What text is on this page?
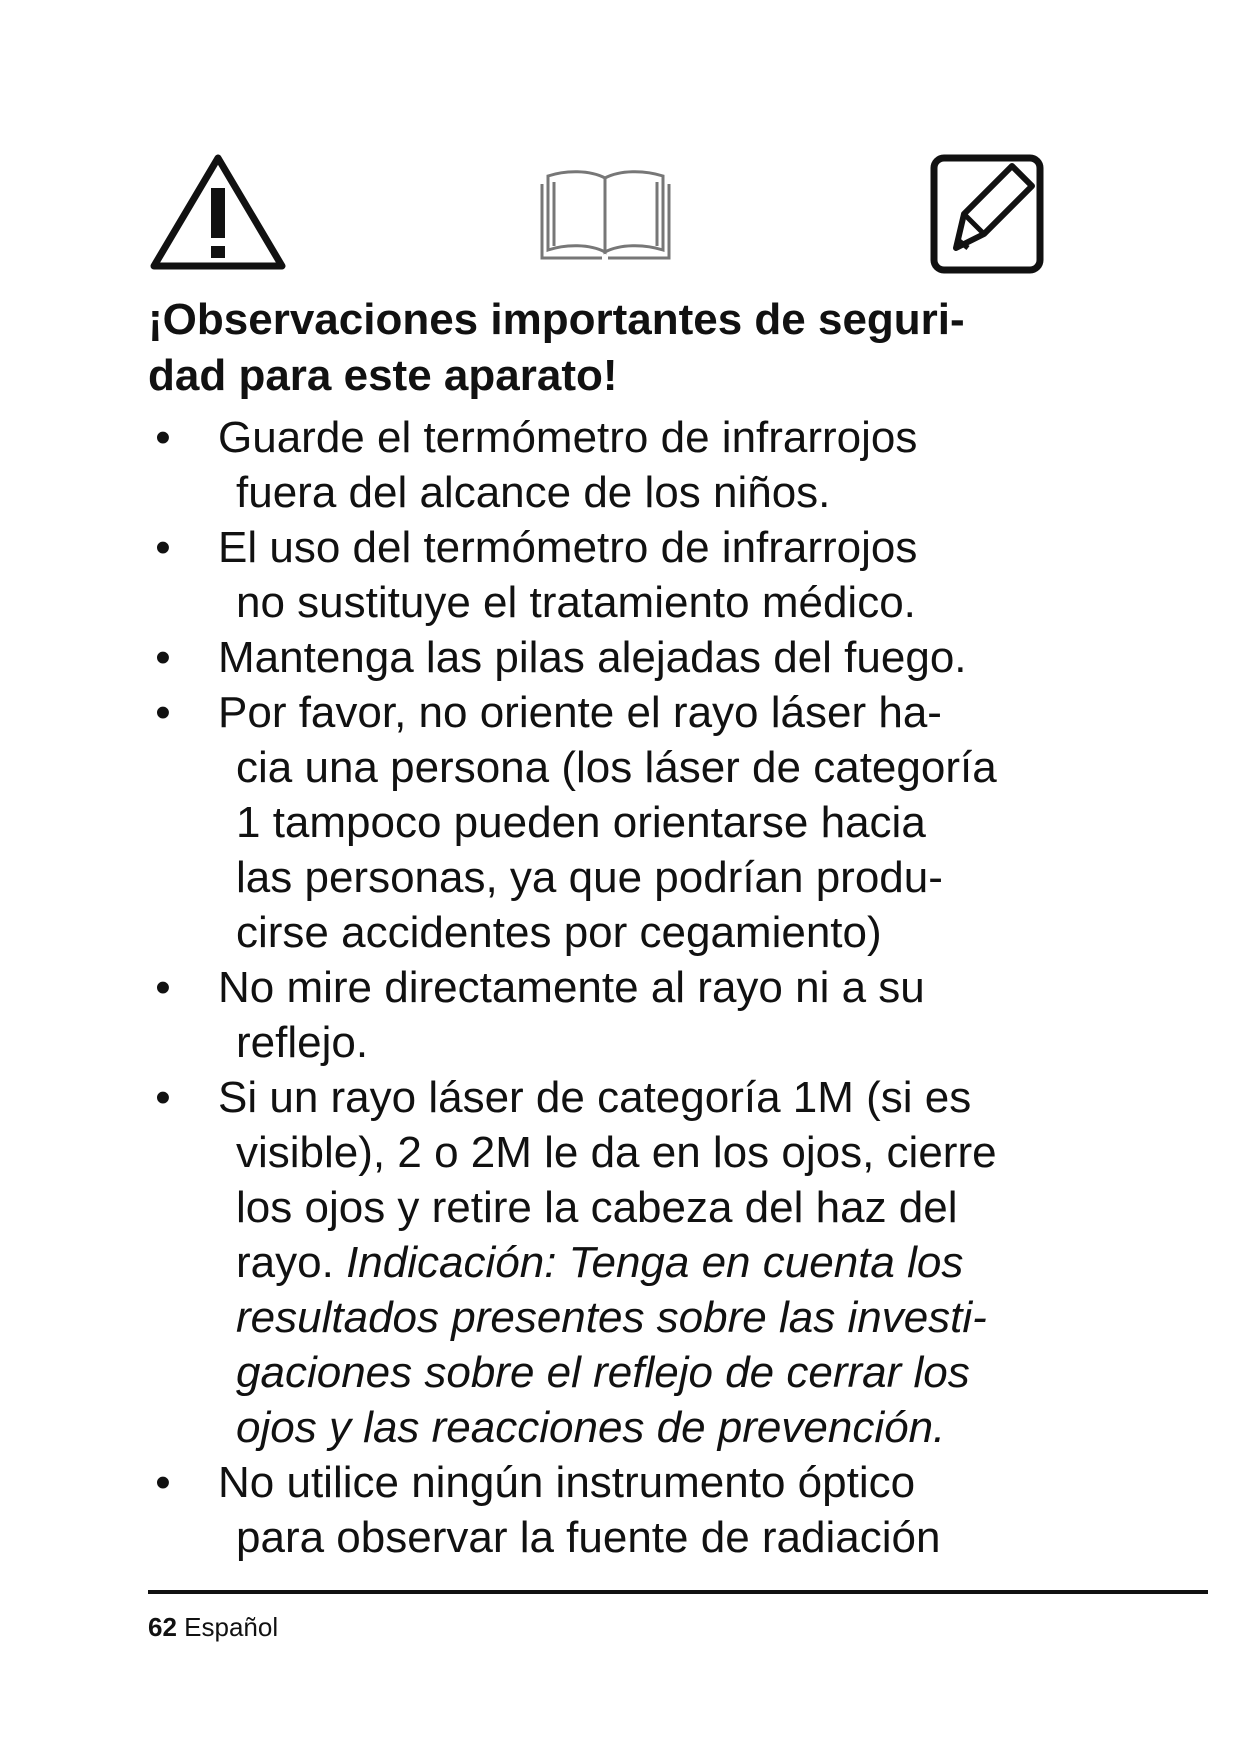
¡Observaciones importantes de seguri-
dad para este aparato!
• Guarde el termómetro de infrarrojos
fuera del alcance de los niños.
• El uso del termómetro de infrarrojos
no sustituye el tratamiento médico.
• Mantenga las pilas alejadas del fuego.
• Por favor, no oriente el rayo láser ha-
cia una persona (los láser de categoría
1 tampoco pueden orientarse hacia
las personas, ya que podrían produ-
cirse accidentes por cegamiento)
• No mire directamente al rayo ni a su
reflejo.
• Si un rayo láser de categoría 1M (si es
visible), 2 o 2M le da en los ojos, cierre
los ojos y retire la cabeza del haz del
rayo. Indicación: Tenga en cuenta los
resultados presentes sobre las investi-
gaciones sobre el reflejo de cerrar los
ojos y las reacciones de prevención.
• No utilice ningún instrumento óptico
para observar la fuente de radiación
62 Español
